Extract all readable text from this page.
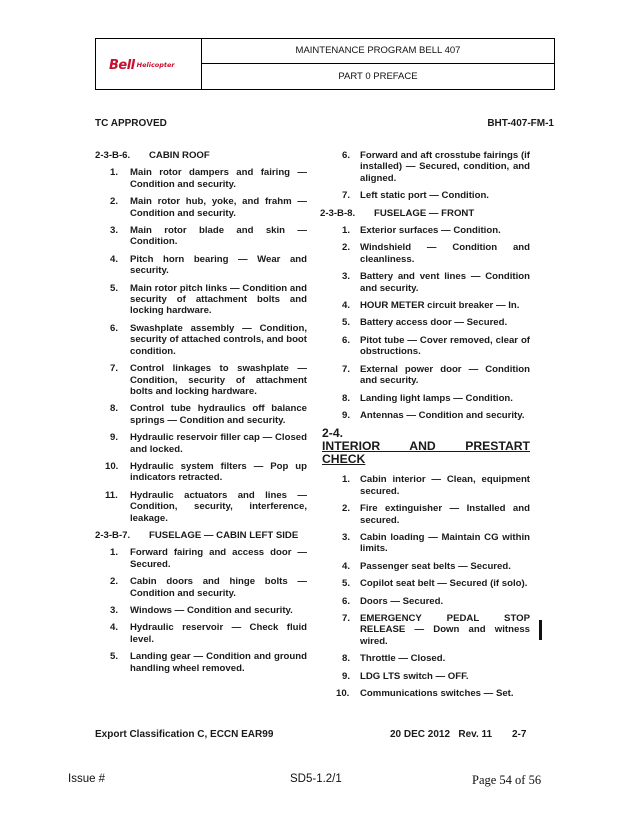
Bell Helicopter
MAINTENANCE PROGRAM BELL 407
PART 0 PREFACE
TC APPROVED	BHT-407-FM-1
2-3-B-6. CABIN ROOF
1. Main rotor dampers and fairing — Condition and security.
2. Main rotor hub, yoke, and frahm — Condition and security.
3. Main rotor blade and skin — Condition.
4. Pitch horn bearing — Wear and security.
5. Main rotor pitch links — Condition and security of attachment bolts and locking hardware.
6. Swashplate assembly — Condition, security of attached controls, and boot condition.
7. Control linkages to swashplate — Condition, security of attachment bolts and locking hardware.
8. Control tube hydraulics off balance springs — Condition and security.
9. Hydraulic reservoir filler cap — Closed and locked.
10. Hydraulic system filters — Pop up indicators retracted.
11. Hydraulic actuators and lines — Condition, security, interference, leakage.
2-3-B-7. FUSELAGE — CABIN LEFT SIDE
1. Forward fairing and access door — Secured.
2. Cabin doors and hinge bolts — Condition and security.
3. Windows — Condition and security.
4. Hydraulic reservoir — Check fluid level.
5. Landing gear — Condition and ground handling wheel removed.
6. Forward and aft crosstube fairings (if installed) — Secured, condition, and aligned.
7. Left static port — Condition.
2-3-B-8. FUSELAGE — FRONT
1. Exterior surfaces — Condition.
2. Windshield — Condition and cleanliness.
3. Battery and vent lines — Condition and security.
4. HOUR METER circuit breaker — In.
5. Battery access door — Secured.
6. Pitot tube — Cover removed, clear of obstructions.
7. External power door — Condition and security.
8. Landing light lamps — Condition.
9. Antennas — Condition and security.
2-4.
INTERIOR AND PRESTART
CHECK
1. Cabin interior — Clean, equipment secured.
2. Fire extinguisher — Installed and secured.
3. Cabin loading — Maintain CG within limits.
4. Passenger seat belts — Secured.
5. Copilot seat belt — Secured (if solo).
6. Doors — Secured.
7. EMERGENCY PEDAL STOP RELEASE — Down and witness wired.
8. Throttle — Closed.
9. LDG LTS switch — OFF.
10. Communications switches — Set.
Export Classification C, ECCN EAR99	20 DEC 2012   Rev. 11 2-7
Issue #	SD5-1.2/1	Page 54 of 56
